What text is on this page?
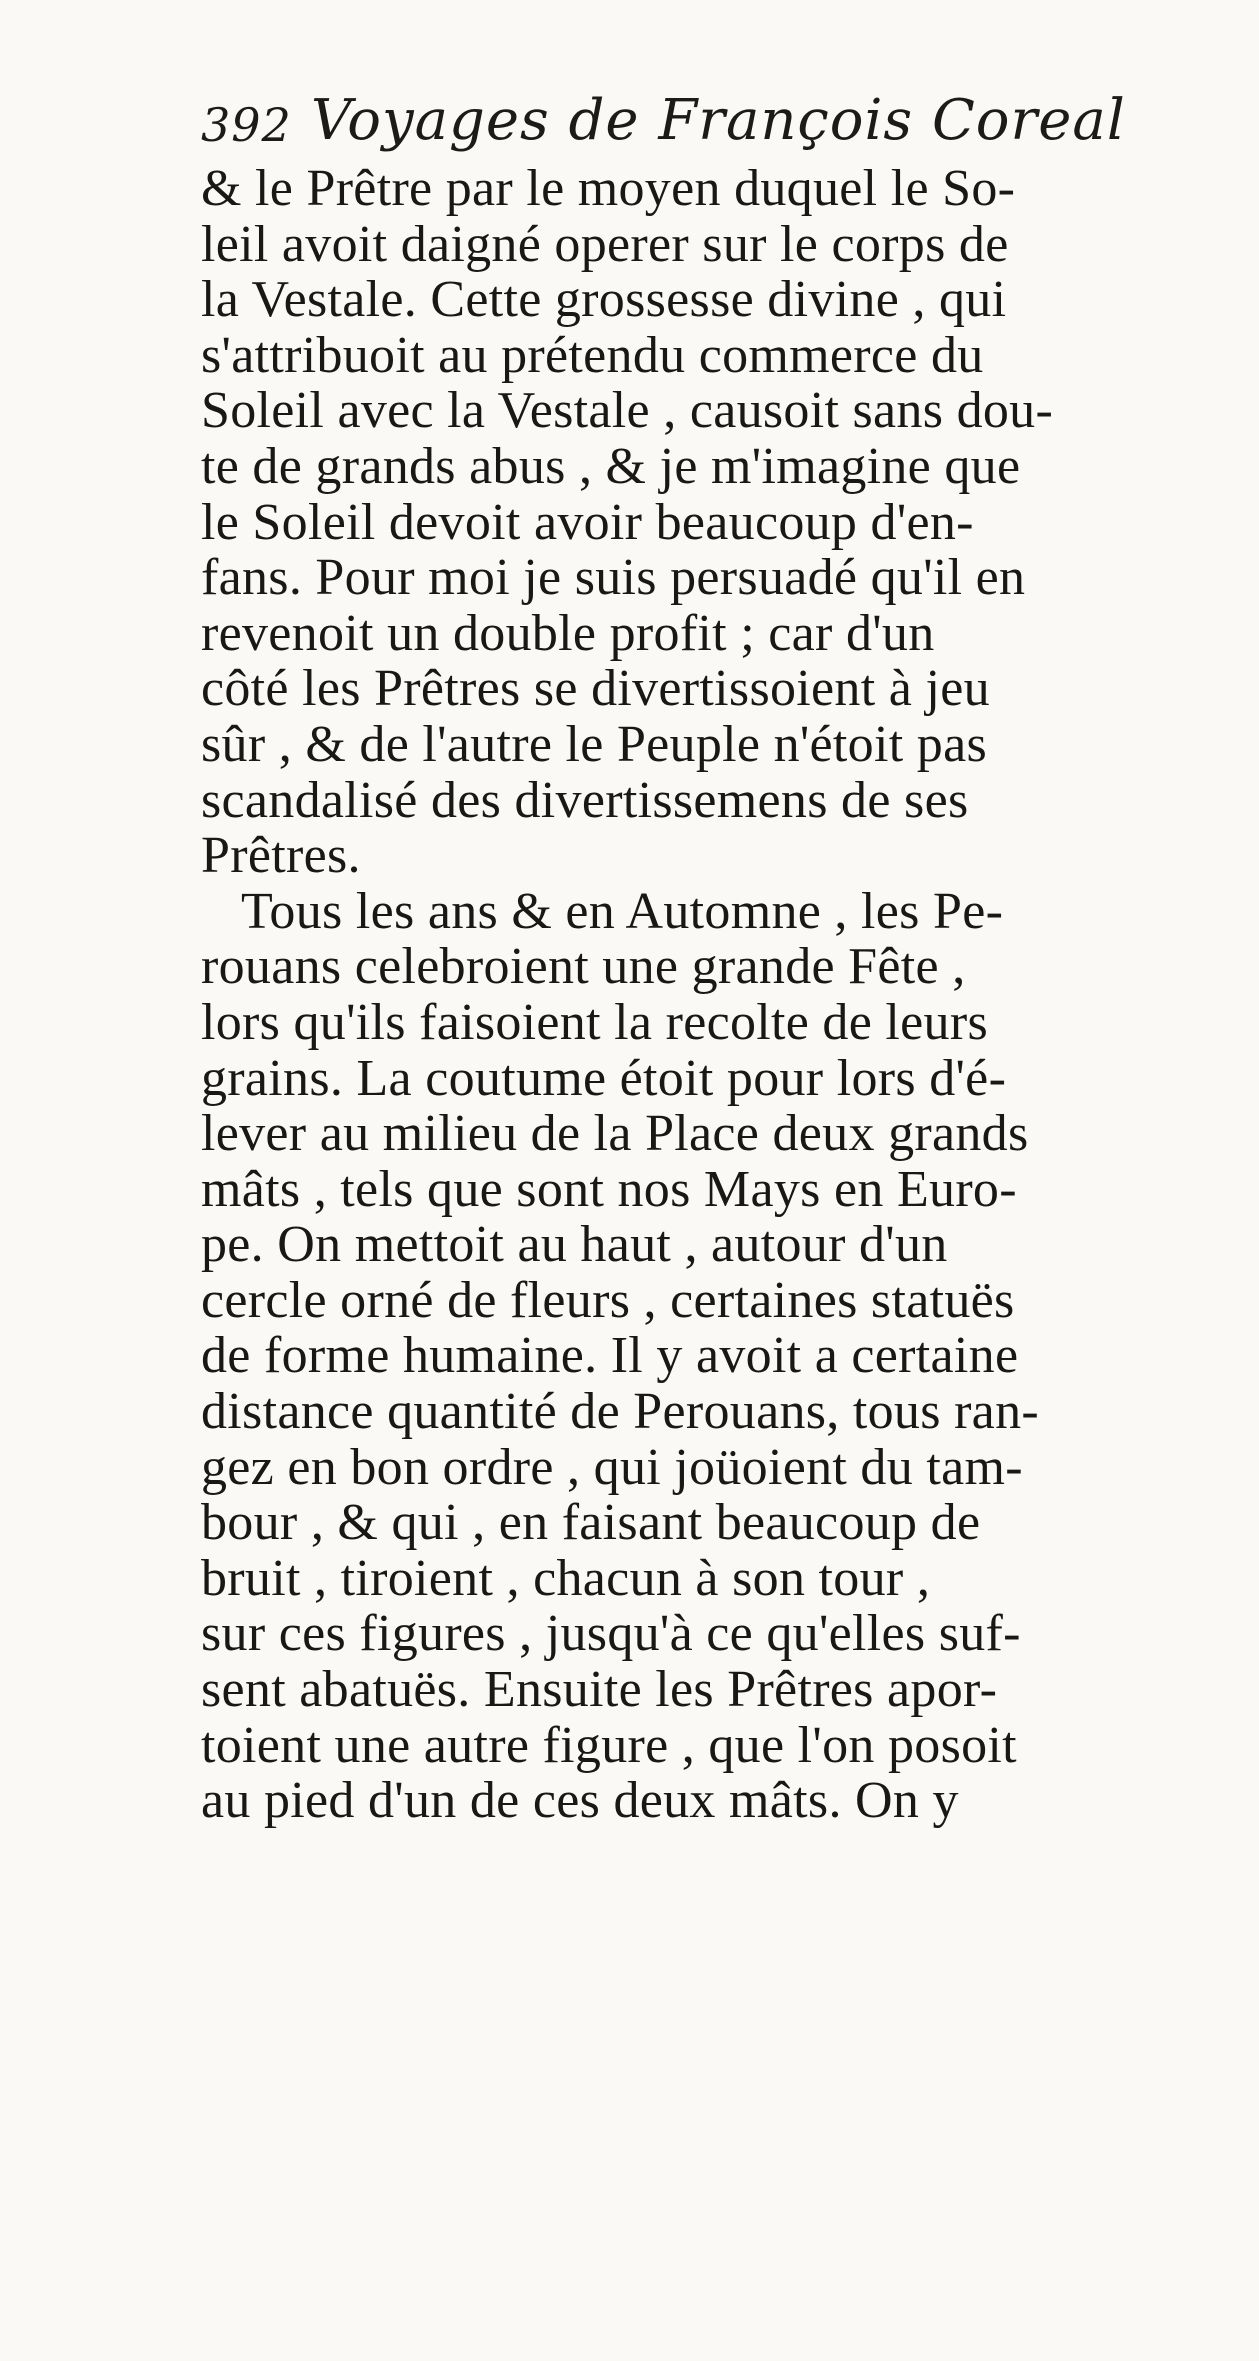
392 Voyages de François Coreal
& le Prêtre par le moyen duquel le So-
leil avoit daigné operer sur le corps de
la Vestale. Cette grossesse divine , qui
s'attribuoit au prétendu commerce du
Soleil avec la Vestale , causoit sans dou-
te de grands abus , & je m'imagine que
le Soleil devoit avoir beaucoup d'en-
fans. Pour moi je suis persuadé qu'il en
revenoit un double profit ; car d'un
côté les Prêtres se divertissoient à jeu
sûr , & de l'autre le Peuple n'étoit pas
scandalisé des divertissemens de ses
Prêtres.
Tous les ans & en Automne , les Pe-
rouans celebroient une grande Fête ,
lors qu'ils faisoient la recolte de leurs
grains. La coutume étoit pour lors d'é-
lever au milieu de la Place deux grands
mâts , tels que sont nos Mays en Euro-
pe. On mettoit au haut , autour d'un
cercle orné de fleurs , certaines statuës
de forme humaine. Il y avoit a certaine
distance quantité de Perouans, tous ran-
gez en bon ordre , qui joüoient du tam-
bour , & qui , en faisant beaucoup de
bruit , tiroient , chacun à son tour ,
sur ces figures , jusqu'à ce qu'elles suf-
sent abatuës. Ensuite les Prêtres apor-
toient une autre figure , que l'on posoit
au pied d'un de ces deux mâts. On y
